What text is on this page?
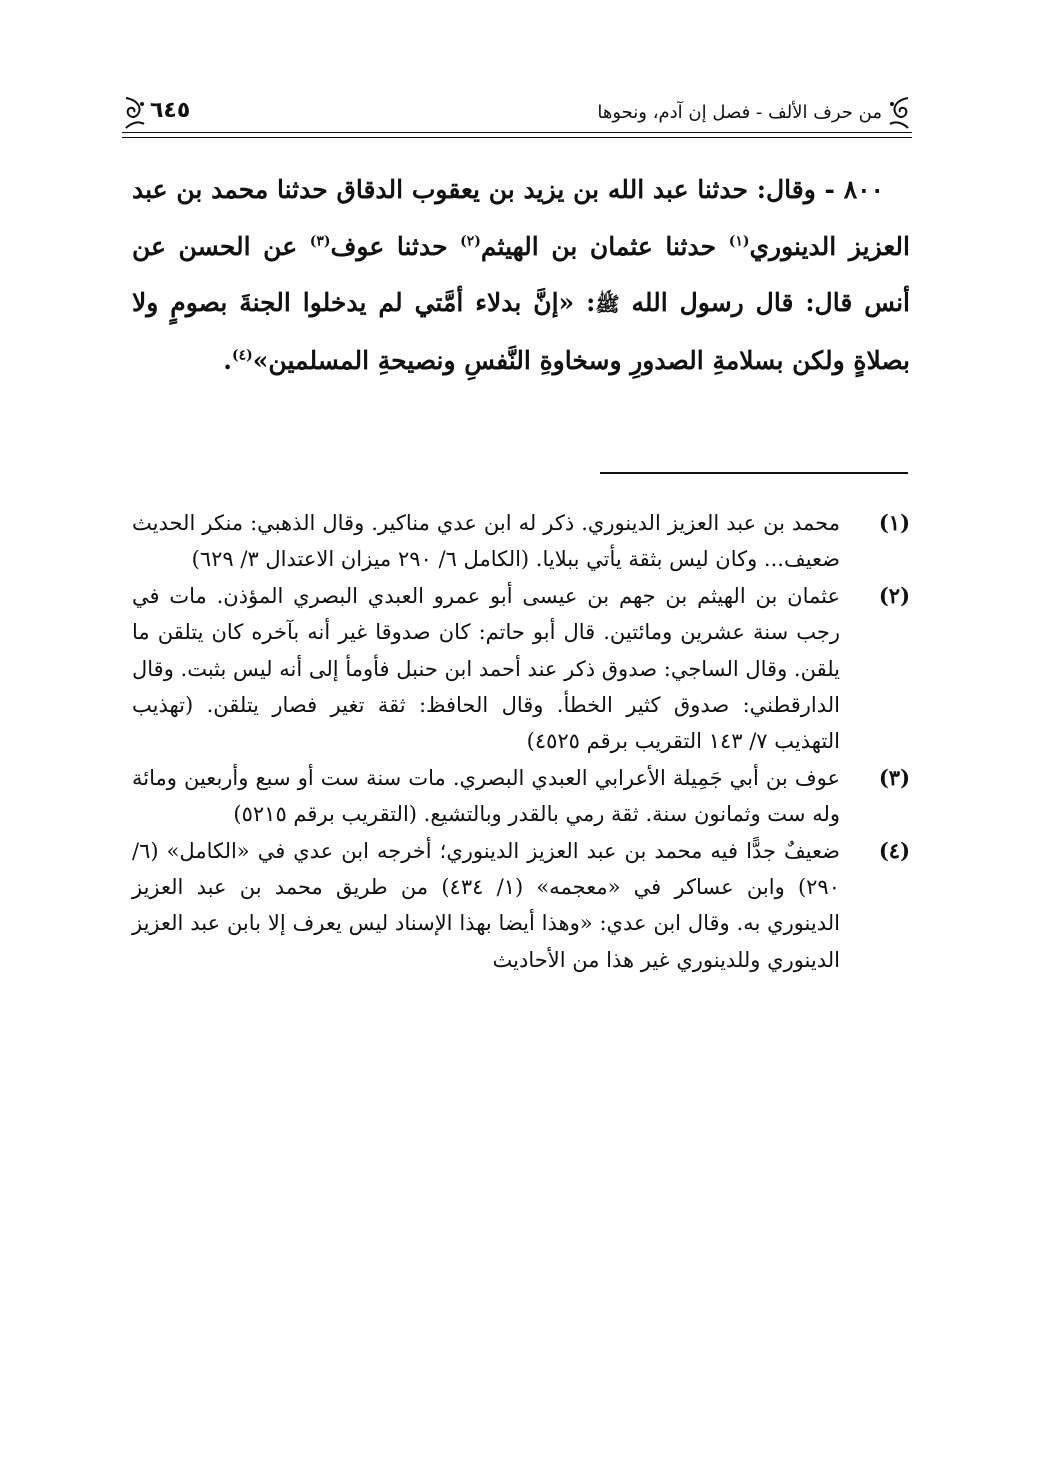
من حرف الألف - فصل إن آدم، ونحوها
٦٤٥

٨٠٠ - وقال: حدثنا عبد الله بن يزيد بن يعقوب الدقاق حدثنا محمد بن عبد العزيز الدينوري$^{(١)}$ حدثنا عثمان بن الهيثم$^{(٢)}$ حدثنا عوف$^{(٣)}$ عن الحسن عن أنس قال: قال رسول الله ﷺ: «إنَّ بدلاء أمَّتي لم يدخلوا الجنةَ بصومٍ ولا بصلاةٍ ولكن بسلامةِ الصدورِ وسخاوةِ النَّفسِ ونصيحةِ المسلمين»$^{(٤)}$.

(١)
محمد بن عبد العزيز الدينوري. ذكر له ابن عدي مناكير. وقال الذهبي: منكر الحديث ضعيف... وكان ليس بثقة يأتي ببلايا. (الكامل ٦/ ٢٩٠ ميزان الاعتدال ٣/ ٦٢٩)
(٢)
عثمان بن الهيثم بن جهم بن عيسى أبو عمرو العبدي البصري المؤذن. مات في رجب سنة عشرين ومائتين. قال أبو حاتم: كان صدوقا غير أنه بآخره كان يتلقن ما يلقن. وقال الساجي: صدوق ذكر عند أحمد ابن حنبل فأومأ إلى أنه ليس بثبت. وقال الدارقطني: صدوق كثير الخطأ. وقال الحافظ: ثقة تغير فصار يتلقن. (تهذيب التهذيب ٧/ ١٤٣ التقريب برقم ٤٥٢٥)
(٣)
عوف بن أبي جَمِيلة الأعرابي العبدي البصري. مات سنة ست أو سبع وأربعين ومائة وله ست وثمانون سنة. ثقة رمي بالقدر وبالتشيع. (التقريب برقم ٥٢١٥)
(٤)
ضعيفٌ جدًّا فيه محمد بن عبد العزيز الدينوري؛ أخرجه ابن عدي في «الكامل» (٦/ ٢٩٠) وابن عساكر في «معجمه» (١/ ٤٣٤) من طريق محمد بن عبد العزيز الدينوري به. وقال ابن عدي: «وهذا أيضا بهذا الإسناد ليس يعرف إلا بابن عبد العزيز الدينوري وللدينوري غير هذا من الأحاديث
